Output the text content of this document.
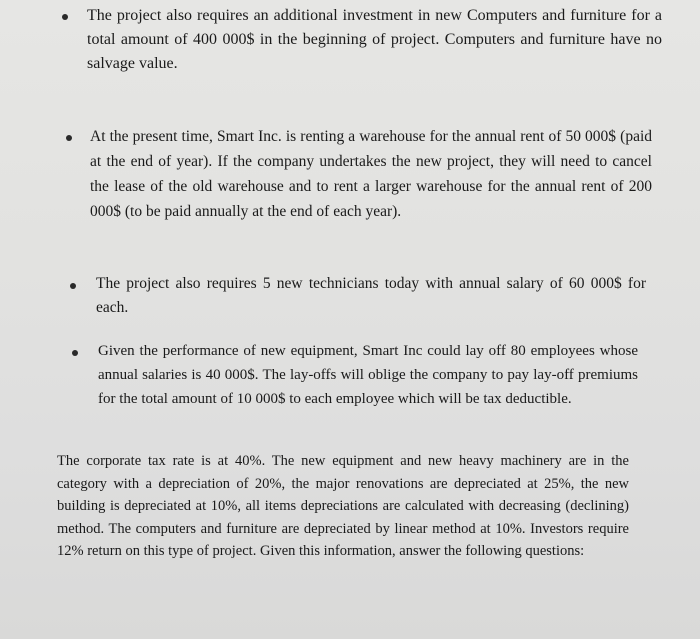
The project also requires an additional investment in new Computers and furniture for a total amount of 400 000$ in the beginning of project. Computers and furniture have no salvage value.

At the present time, Smart Inc. is renting a warehouse for the annual rent of 50 000$ (paid at the end of year). If the company undertakes the new project, they will need to cancel the lease of the old warehouse and to rent a larger warehouse for the annual rent of 200 000$ (to be paid annually at the end of each year).

The project also requires 5 new technicians today with annual salary of 60 000$ for each.

Given the performance of new equipment, Smart Inc could lay off 80 employees whose annual salaries is 40 000$. The lay-offs will oblige the company to pay lay-off premiums for the total amount of 10 000$ to each employee which will be tax deductible.

The corporate tax rate is at 40%. The new equipment and new heavy machinery are in the category with a depreciation of 20%, the major renovations are depreciated at 25%, the new building is depreciated at 10%, all items depreciations are calculated with decreasing (declining) method. The computers and furniture are depreciated by linear method at 10%. Investors require 12% return on this type of project. Given this information, answer the following questions:
